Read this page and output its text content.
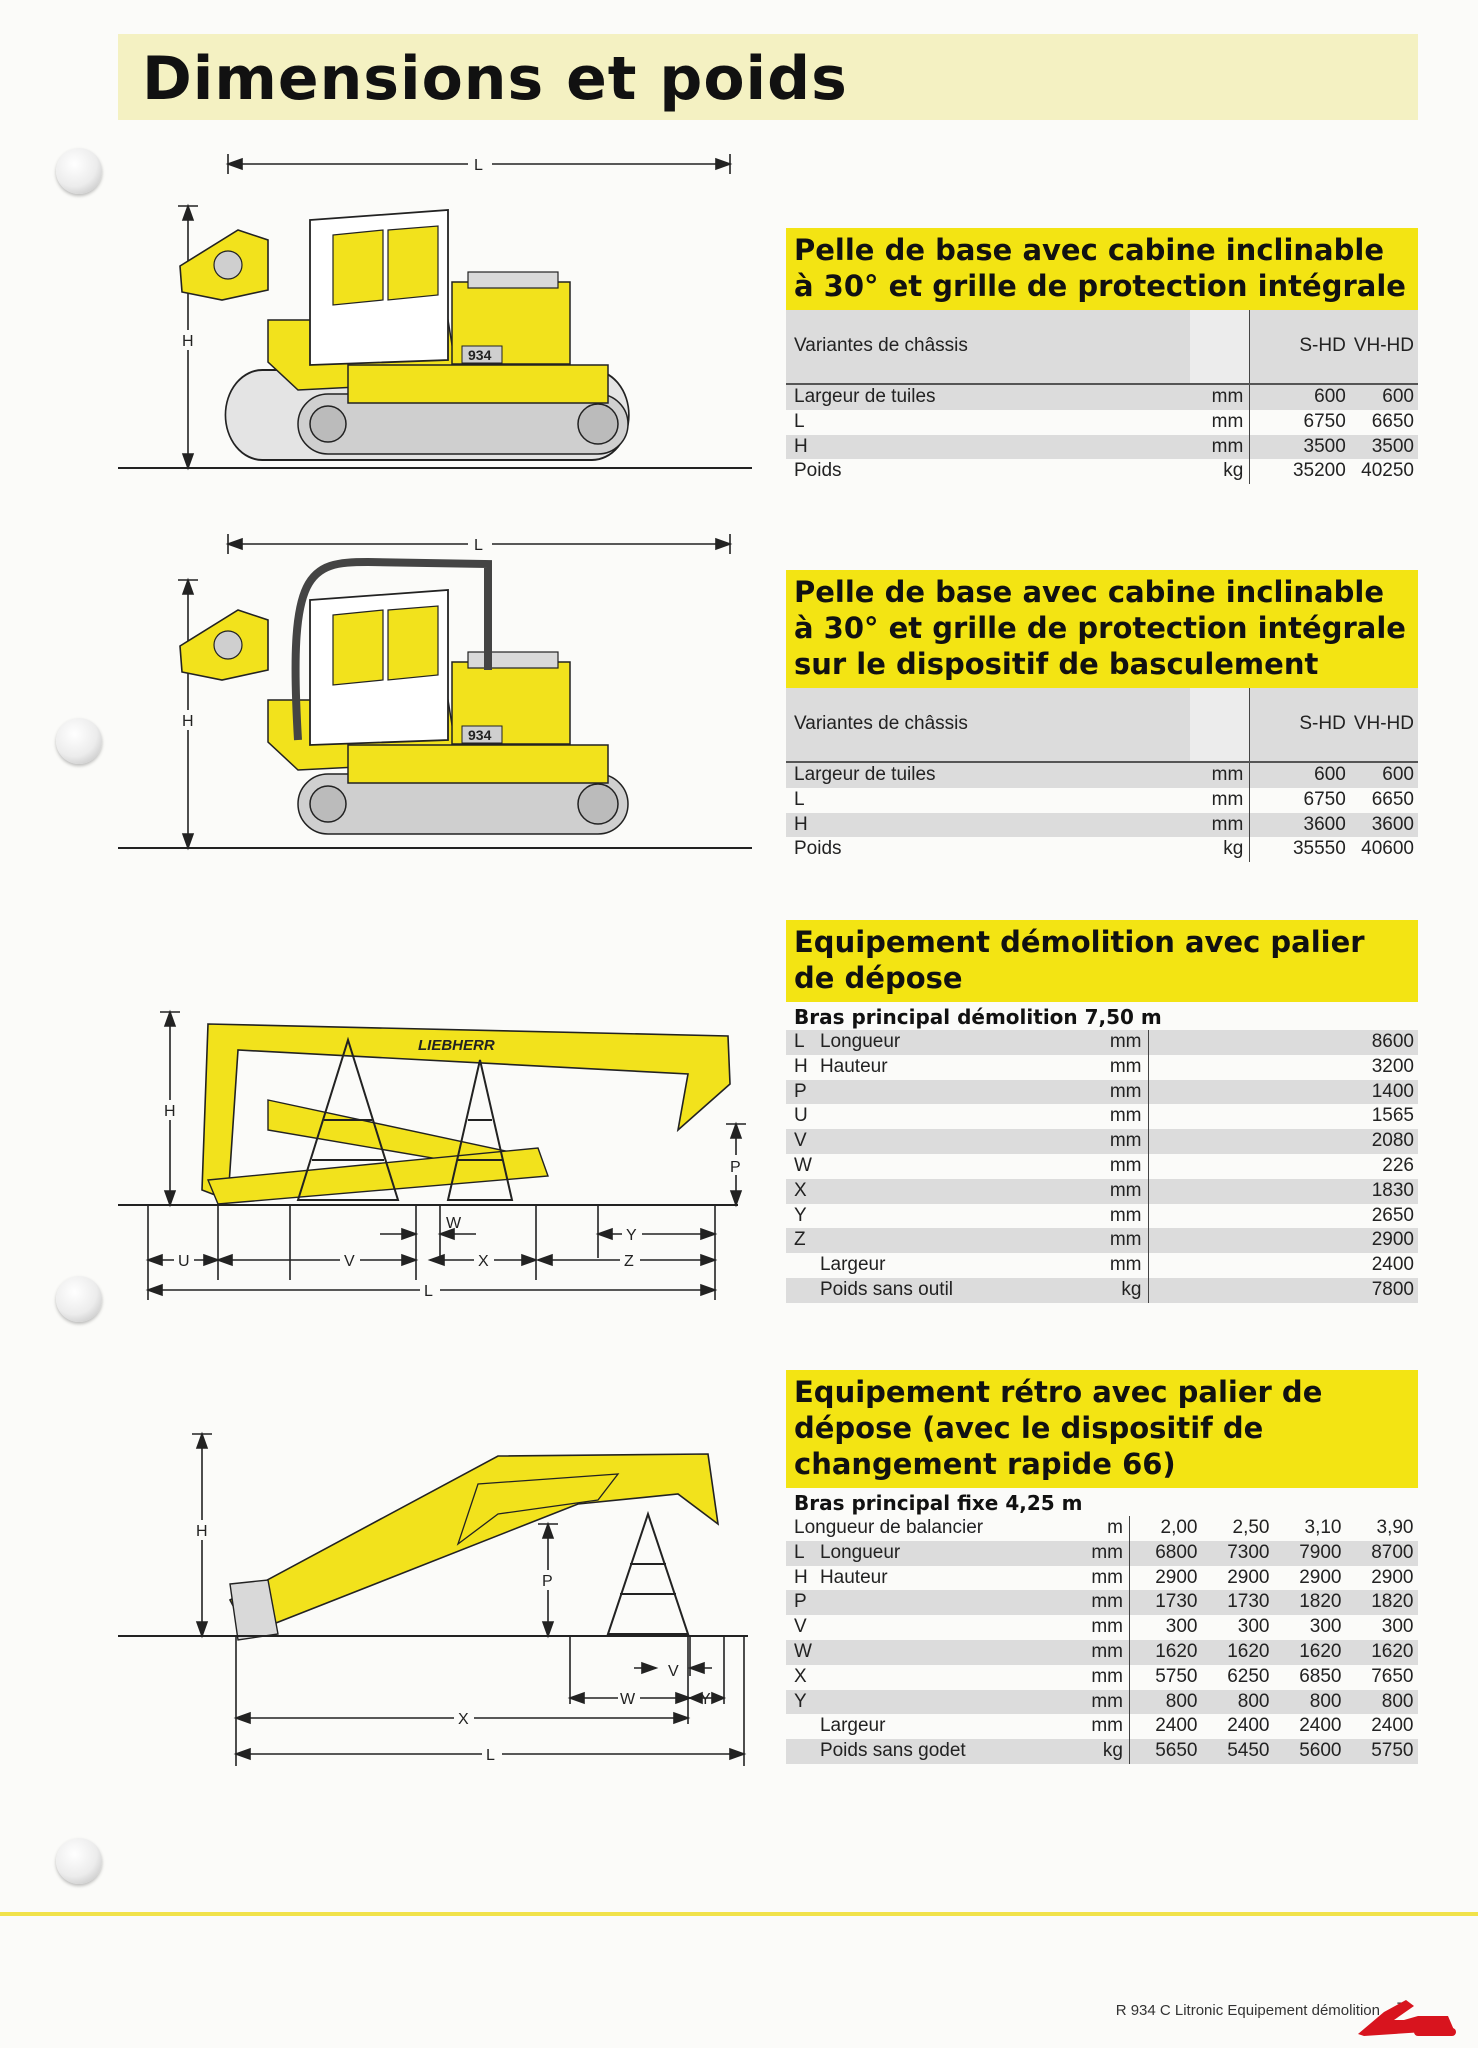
Dimensions et poids
L
H
934
L
H
934
LIEBHERR
H
P
U	V
W
X	Z
Y
L
H
P
V
W	Y
X
L
Pelle de base avec cabine inclinable à 30° et grille de protection intégrale
Variantes de châssis		S-HD	VH-HD
Largeur de tuiles	mm	600	600
L	mm	6750	6650
H	mm	3500	3500
Poids	kg	35200	40250
Pelle de base avec cabine inclinable à 30° et grille de protection intégrale sur le dispositif de basculement
Variantes de châssis		S-HD	VH-HD
Largeur de tuiles	mm	600	600
L	mm	6750	6650
H	mm	3600	3600
Poids	kg	35550	40600
Equipement démolition avec palier de dépose
Bras principal démolition 7,50 m
L	Longueur	mm	8600
H	Hauteur	mm	3200
P		mm	1400
U		mm	1565
V		mm	2080
W		mm	226
X		mm	1830
Y		mm	2650
Z		mm	2900
	Largeur	mm	2400
	Poids sans outil	kg	7800
Equipement rétro avec palier de dépose (avec le dispositif de changement rapide 66)
Bras principal fixe 4,25 m
Longueur de balancier		m	2,00	2,50	3,10	3,90
L	Longueur	mm	6800	7300	7900	8700
H	Hauteur	mm	2900	2900	2900	2900
P		mm	1730	1730	1820	1820
V		mm	300	300	300	300
W		mm	1620	1620	1620	1620
X		mm	5750	6250	6850	7650
Y		mm	800	800	800	800
	Largeur	mm	2400	2400	2400	2400
	Poids sans godet	kg	5650	5450	5600	5750
R 934 C Litronic Equipement démolition
